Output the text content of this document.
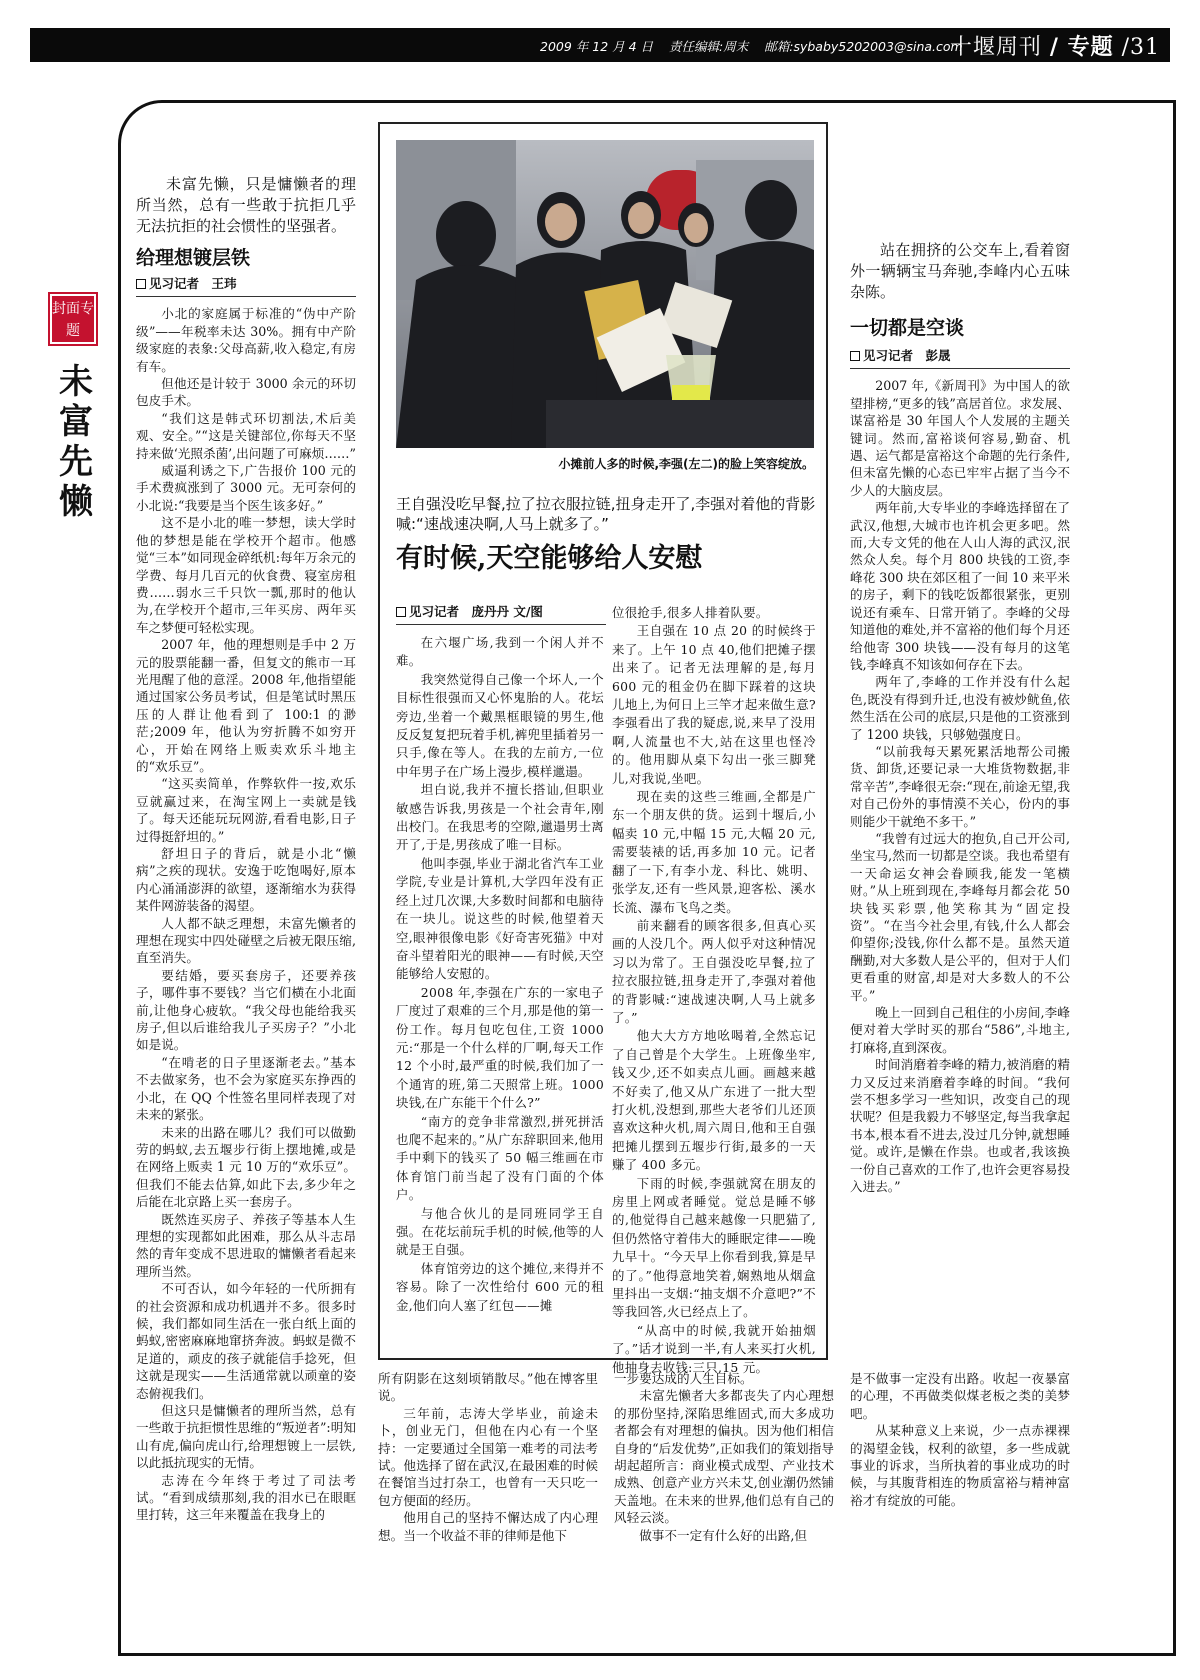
2009 年 12 月 4 日 责任编辑:周末 邮箱:sybaby5202003@sina.com
十堰周刊 / 专题 /31
封面专题
未富先懒
未富先懒，只是慵懒者的理所当然，总有一些敢于抗拒几乎无法抗拒的社会惯性的坚强者。
给理想镀层铁
见习记者　王玮

小北的家庭属于标准的“伪中产阶级”——年税率未达 30%。拥有中产阶级家庭的表象:父母高薪,收入稳定,有房有车。

但他还是计较于 3000 余元的环切包皮手术。

“我们这是韩式环切割法,术后美观、安全。”“这是关键部位,你每天不坚持来做‘光照杀菌’,出问题了可麻烦……”

威逼利诱之下,广告报价 100 元的手术费疯涨到了 3000 元。无可奈何的小北说:“我要是当个医生该多好。”

这不是小北的唯一梦想，读大学时他的梦想是能在学校开个超市。他感觉“三本”如同现金碎纸机:每年万余元的学费、每月几百元的伙食费、寝室房租费……弱水三千只饮一瓢,那时的他认为,在学校开个超市,三年买房、两年买车之梦便可轻松实现。

2007 年，他的理想则是手中 2 万元的股票能翻一番，但复文的熊市一耳光甩醒了他的意淫。2008 年,他指望能通过国家公务员考试，但是笔试时黑压压的人群让他看到了 100:1 的渺茫;2009 年，他认为穷折腾不如穷开心，开始在网络上贩卖欢乐斗地主的“欢乐豆”。

“这买卖简单，作弊软件一按,欢乐豆就赢过来，在淘宝网上一卖就是钱了。每天还能玩玩网游,看看电影,日子过得挺舒坦的。”

舒坦日子的背后，就是小北“懒病”之疾的现状。安逸于吃饱喝好,原本内心涌涌澎湃的欲望，逐渐缩水为获得某件网游装备的渴望。

人人都不缺乏理想，未富先懒者的理想在现实中四处碰壁之后被无限压缩,直至消失。

要结婚，要买套房子，还要养孩子，哪件事不要钱？当它们横在小北面前,让他身心疲软。“我父母也能给我买房子,但以后谁给我儿子买房子？”小北如是说。

“在啃老的日子里逐渐老去。”基本不去做家务，也不会为家庭买东挣西的小北，在 QQ 个性签名里同样表现了对未来的紧张。

未来的出路在哪儿？我们可以做勤劳的蚂蚁,去五堰步行街上摆地摊,或是在网络上贩卖 1 元 10 万的“欢乐豆”。但我们不能去估算,如此下去,多少年之后能在北京路上买一套房子。

既然连买房子、养孩子等基本人生理想的实现都如此困难，那么从斗志昂然的青年变成不思进取的慵懒者看起来理所当然。

不可否认，如今年轻的一代所拥有的社会资源和成功机遇并不多。很多时候，我们都如同生活在一张白纸上面的蚂蚁,密密麻麻地窜挤奔波。蚂蚁是微不足道的，顽皮的孩子就能信手捻死，但这就是现实——生活通常就以顽童的姿态俯视我们。

但这只是慵懒者的理所当然，总有一些敢于抗拒惯性思维的“叛逆者”:明知山有虎,偏向虎山行,给理想镀上一层铁,以此抵抗现实的无情。

志涛在今年终于考过了司法考试。“看到成绩那刻,我的泪水已在眼眶里打转，这三年来覆盖在我身上的

小摊前人多的时候,李强(左二)的脸上笑容绽放。
王自强没吃早餐,拉了拉衣服拉链,扭身走开了,李强对着他的背影喊:“速战速决啊,人马上就多了。”
有时候,天空能够给人安慰
见习记者　庞丹丹 文/图

在六堰广场,我到一个闲人并不难。

我突然觉得自己像一个坏人,一个目标性很强而又心怀鬼胎的人。花坛旁边,坐着一个戴黑框眼镜的男生,他反反复复把玩着手机,裤兜里插着另一只手,像在等人。在我的左前方,一位中年男子在广场上漫步,模样邋遢。

坦白说,我并不擅长搭讪,但职业敏感告诉我,男孩是一个社会青年,刚出校门。在我思考的空隙,邋遢男士离开了,于是,男孩成了唯一目标。

他叫李强,毕业于湖北省汽车工业学院,专业是计算机,大学四年没有正经上过几次课,大多数时间都和电脑待在一块儿。说这些的时候,他望着天空,眼神很像电影《好奇害死猫》中对奋斗望着阳光的眼神——有时候,天空能够给人安慰的。

2008 年,李强在广东的一家电子厂度过了艰难的三个月,那是他的第一份工作。每月包吃包住,工资 1000 元:“那是一个什么样的厂啊,每天工作 12 个小时,最严重的时候,我们加了一个通宵的班,第二天照常上班。1000 块钱,在广东能干个什么?”

“南方的竞争非常激烈,拼死拼活也爬不起来的。”从广东辞职回来,他用手中剩下的钱买了 50 幅三维画在市体育馆门前当起了没有门面的个体户。

与他合伙儿的是同班同学王自强。在花坛前玩手机的时候,他等的人就是王自强。

体育馆旁边的这个摊位,来得并不容易。除了一次性给付 600 元的租金,他们向人塞了红包——摊

位很抢手,很多人排着队要。

王自强在 10 点 20 的时候终于来了。上午 10 点 40,他们把摊子摆出来了。记者无法理解的是,每月 600 元的租金仍在脚下踩着的这块儿地上,为何日上三竿才起来做生意?李强看出了我的疑虑,说,来早了没用啊,人流量也不大,站在这里也怪冷的。他用脚从桌下勾出一张三脚凳儿,对我说,坐吧。

现在卖的这些三维画,全都是广东一个朋友供的货。运到十堰后,小幅卖 10 元,中幅 15 元,大幅 20 元,需要装裱的话,再多加 10 元。记者翻了一下,有李小龙、科比、姚明、张学友,还有一些风景,迎客松、溪水长流、瀑布飞鸟之类。

前来翻看的顾客很多,但真心买画的人没几个。两人似乎对这种情况习以为常了。王自强没吃早餐,拉了拉衣服拉链,扭身走开了,李强对着他的背影喊:“速战速决啊,人马上就多了。”

他大大方方地吆喝着,全然忘记了自己曾是个大学生。上班像坐牢,钱又少,还不如卖点儿画。画越来越不好卖了,他又从广东进了一批大型打火机,没想到,那些大老爷们儿还顶喜欢这种火机,周六周日,他和王自强把摊儿摆到五堰步行街,最多的一天赚了 400 多元。

下雨的时候,李强就窝在朋友的房里上网或者睡觉。觉总是睡不够的,他觉得自己越来越像一只肥猫了,但仍然恪守着伟大的睡眠定律——晚九早十。“今天早上你看到我,算是早的了。”他得意地笑着,娴熟地从烟盒里抖出一支烟:“抽支烟不介意吧?”不等我回答,火已经点上了。

“从高中的时候,我就开始抽烟了。”话才说到一半,有人来买打火机,他抽身去收钱:三只,15 元。

站在拥挤的公交车上,看着窗外一辆辆宝马奔驰,李峰内心五味杂陈。
一切都是空谈
见习记者　彭晟

2007 年,《新周刊》为中国人的欲望排榜,“更多的钱”高居首位。求发展、谋富裕是 30 年国人个人发展的主题关键词。然而,富裕谈何容易,勤奋、机遇、运气都是富裕这个命题的先行条件,但未富先懒的心态已牢牢占据了当今不少人的大脑皮层。

两年前,大专毕业的李峰选择留在了武汉,他想,大城市也许机会更多吧。然而,大专文凭的他在人山人海的武汉,泯然众人矣。每个月 800 块钱的工资,李峰花 300 块在郊区租了一间 10 来平米的房子，剩下的钱吃饭都很紧张，更别说还有乘车、日常开销了。李峰的父母知道他的难处,并不富裕的他们每个月还给他寄 300 块钱——没有每月的这笔钱,李峰真不知该如何存在下去。

两年了,李峰的工作并没有什么起色,既没有得到升迁,也没有被炒鱿鱼,依然生活在公司的底层,只是他的工资涨到了 1200 块钱，只够勉强度日。

“以前我每天累死累活地帮公司搬货、卸货,还要记录一大堆货物数据,非常辛苦”,李峰很无奈:“现在,前途无望,我对自己份外的事情漠不关心，份内的事则能少干就绝不多干。”

“我曾有过远大的抱负,自己开公司,坐宝马,然而一切都是空谈。我也希望有一天命运女神会眷顾我,能发一笔横财。”从上班到现在,李峰每月都会花 50 块钱买彩票,他笑称其为“固定投资”。“在当今社会里,有钱,什么人都会仰望你;没钱,你什么都不是。虽然天道酬勤,对大多数人是公平的，但对于人们更看重的财富,却是对大多数人的不公平。”

晚上一回到自己租住的小房间,李峰便对着大学时买的那台“586”,斗地主,打麻将,直到深夜。

时间消磨着李峰的精力,被消磨的精力又反过来消磨着李峰的时间。“我何尝不想多学习一些知识，改变自己的现状呢？但是我毅力不够坚定,每当我拿起书本,根本看不进去,没过几分钟,就想睡觉。或许,是懒在作祟。也或者,我该换一份自己喜欢的工作了,也许会更容易投入进去。”

所有阴影在这刻顷销散尽。”他在博客里说。

三年前，志涛大学毕业，前途未卜，创业无门，但他在内心有一个坚持：一定要通过全国第一难考的司法考试。他选择了留在武汉,在最困难的时候在餐馆当过打杂工，也曾有一天只吃一包方便面的经历。

他用自己的坚持不懈达成了内心理想。当一个收益不菲的律师是他下

一步要达成的人生目标。

未富先懒者大多都丧失了内心理想的那份坚持,深陷思维固式,而大多成功者都会有对理想的偏执。因为他们相信自身的“后发优势”,正如我们的策划指导胡起超所言：商业模式成型、产业技术成熟、创意产业方兴未艾,创业潮仍然铺天盖地。在未来的世界,他们总有自己的风轻云淡。

做事不一定有什么好的出路,但

是不做事一定没有出路。收起一夜暴富的心理，不再做类似煤老板之类的美梦吧。

从某种意义上来说，少一点赤裸裸的渴望金钱，权利的欲望，多一些成就事业的诉求，当所执着的事业成功的时候，与其腹背相连的物质富裕与精神富裕才有绽放的可能。
